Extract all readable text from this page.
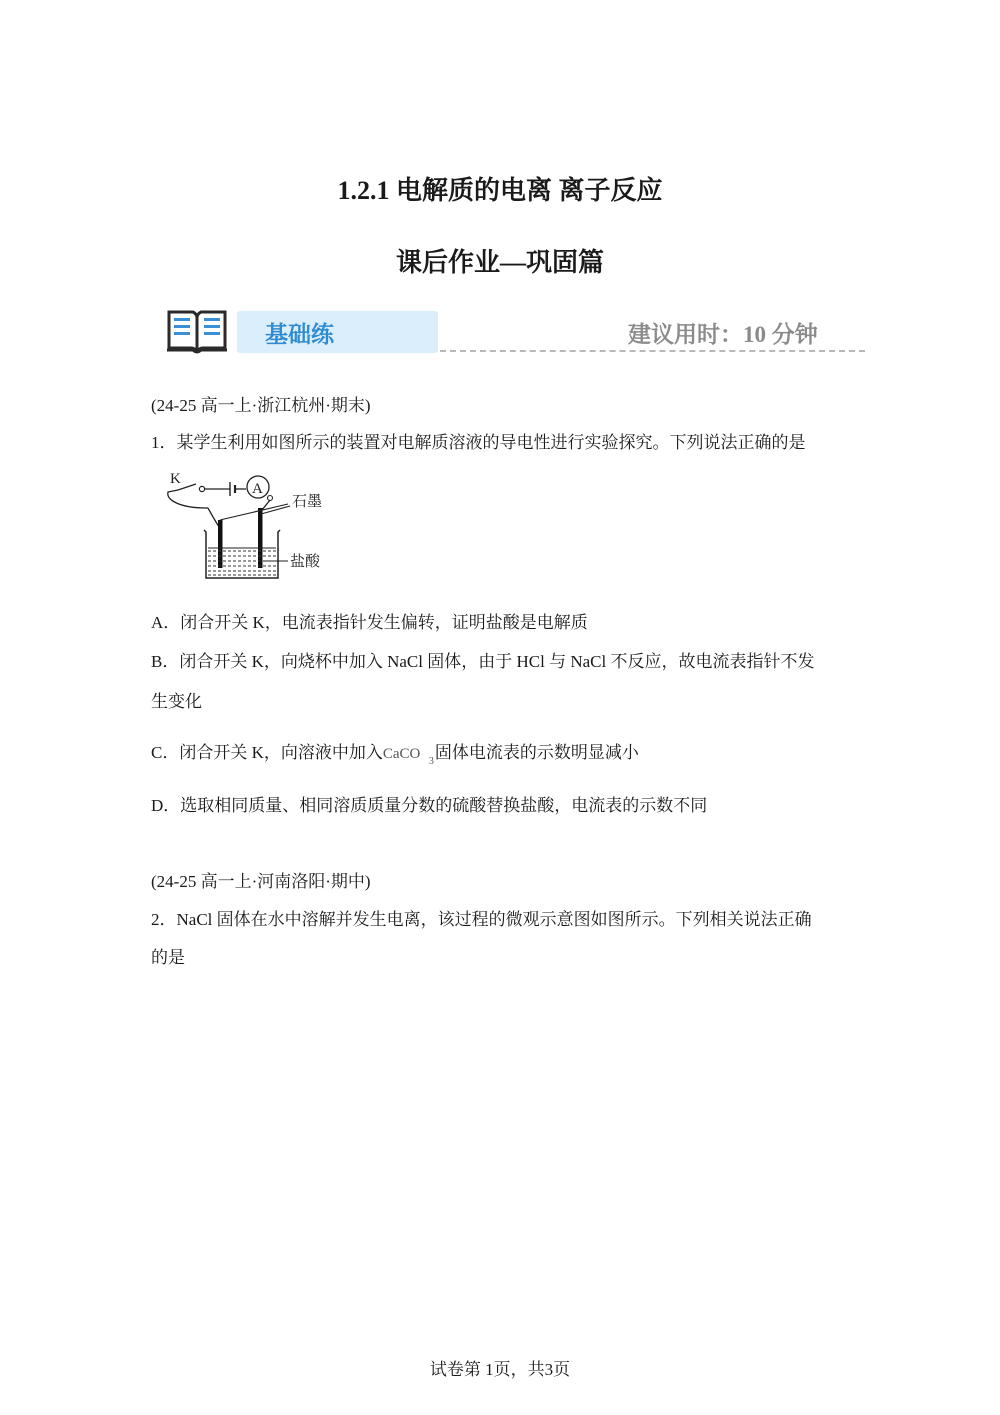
1.2.1 电解质的电离 离子反应
课后作业—巩固篇
基础练	建议用时：10 分钟
(24-25 高一上·浙江杭州·期末)
1．某学生利用如图所示的装置对电解质溶液的导电性进行实验探究。下列说法正确的是
A
K
石墨
盐酸
A．闭合开关 K，电流表指针发生偏转，证明盐酸是电解质
B．闭合开关 K，向烧杯中加入 NaCl 固体，由于 HCl 与 NaCl 不反应，故电流表指针不发
生变化
C．闭合开关 K，向溶液中加入 CaCO 3 固体电流表的示数明显减小
D．选取相同质量、相同溶质质量分数的硫酸替换盐酸，电流表的示数不同
(24-25 高一上·河南洛阳·期中)
2．NaCl 固体在水中溶解并发生电离，该过程的微观示意图如图所示。下列相关说法正确
的是
试卷第 1页，共3页
